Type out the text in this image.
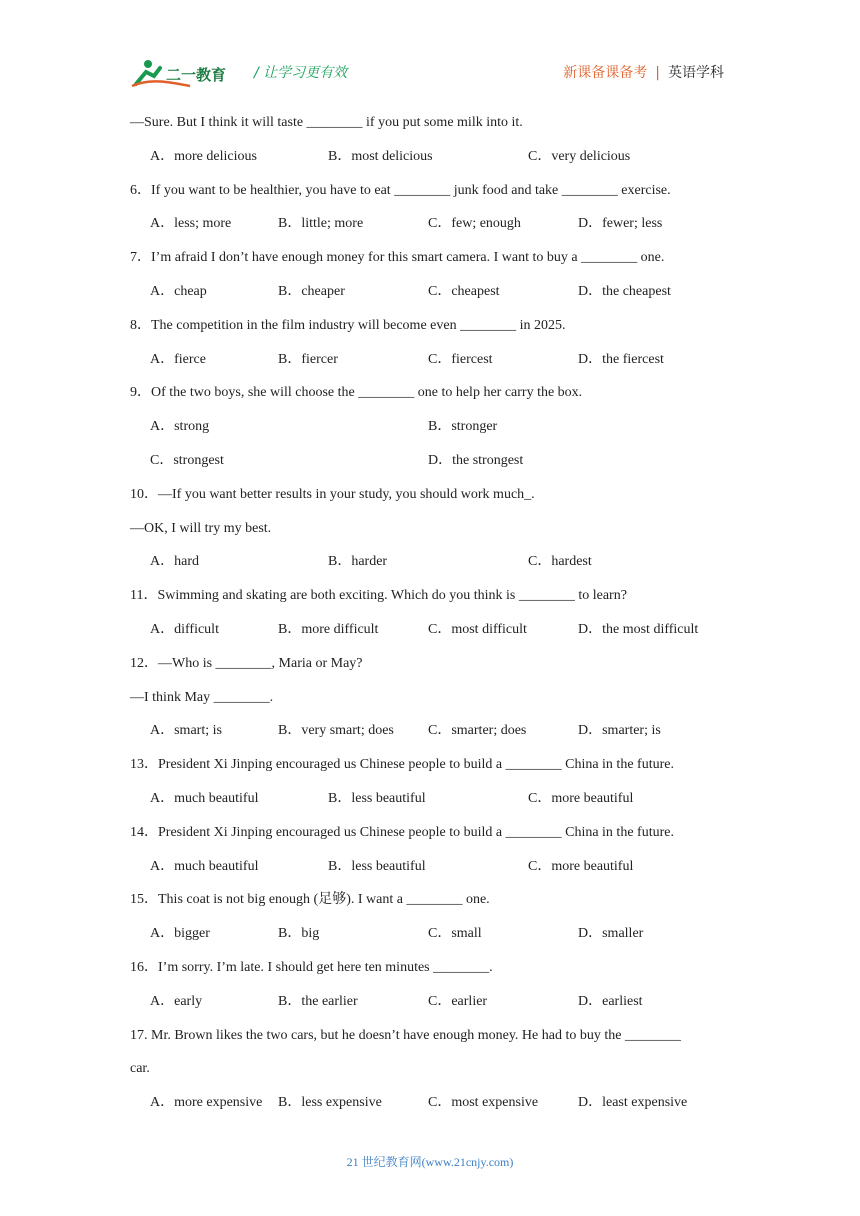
二一教育 / 让学习更有效	新课备课备考 | 英语学科
—Sure. But I think it will taste ________ if you put some milk into it.
A．more delicious	B．most delicious	C．very delicious
6．If you want to be healthier, you have to eat ________ junk food and take ________ exercise.
A．less; more	B．little; more	C．few; enough	D．fewer; less
7．I’m afraid I don’t have enough money for this smart camera. I want to buy a ________ one.
A．cheap	B．cheaper	C．cheapest	D．the cheapest
8．The competition in the film industry will become even ________ in 2025.
A．fierce	B．fiercer	C．fiercest	D．the fiercest
9．Of the two boys, she will choose the ________ one to help her carry the box.
A．strong	B．stronger
C．strongest	D．the strongest
10．—If you want better results in your study, you should work much_.
—OK, I will try my best.
A．hard	B．harder	C．hardest
11．Swimming and skating are both exciting. Which do you think is ________ to learn?
A．difficult	B．more difficult	C．most difficult	D．the most difficult
12．—Who is ________, Maria or May?
—I think May ________.
A．smart; is	B．very smart; does C．smarter; does	D．smarter; is
13．President Xi Jinping encouraged us Chinese people to build a ________ China in the future.
A．much beautiful	B．less beautiful	C．more beautiful
14．President Xi Jinping encouraged us Chinese people to build a ________ China in the future.
A．much beautiful	B．less beautiful	C．more beautiful
15．This coat is not big enough (足够). I want a ________ one.
A．bigger	B．big	C．small	D．smaller
16．I’m sorry. I’m late. I should get here ten minutes ________.
A．early	B．the earlier	C．earlier	D．earliest
17. Mr. Brown likes the two cars, but he doesn’t have enough money. He had to buy the ________
car.
A．more expensive B．less expensive	C．most expensive	D．least expensive
21 世纪教育网(www.21cnjy.com)
